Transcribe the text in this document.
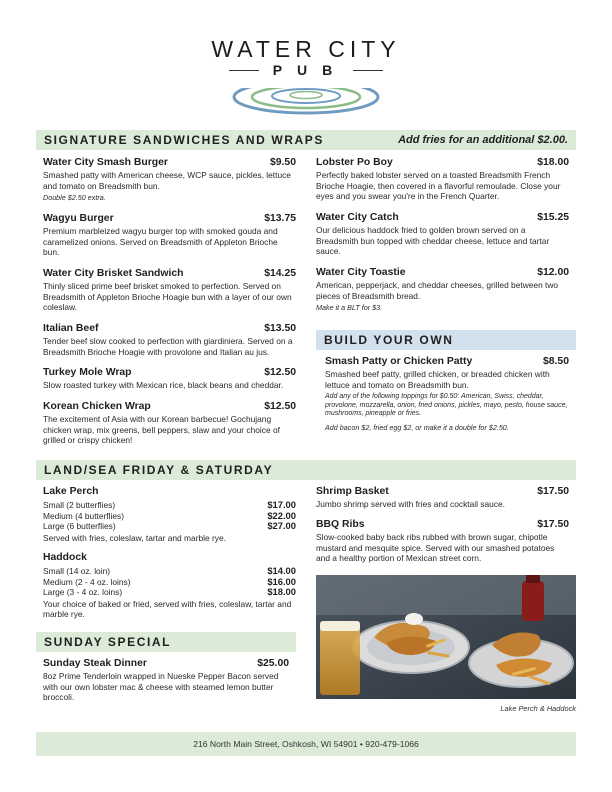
WATER CITY
PUB
SIGNATURE SANDWICHES AND WRAPS	Add fries for an additional $2.00.
Water City Smash Burger	$9.50
Smashed patty with American cheese, WCP sauce, pickles, lettuce and tomato on Breadsmith bun.
Double $2.50 extra.
Wagyu Burger	$13.75
Premium marbleized wagyu burger top with smoked gouda and caramelized onions. Served on Breadsmith of Appleton Brioche bun.
Water City Brisket Sandwich	$14.25
Thinly sliced prime beef brisket smoked to perfection. Served on Breadsmith of Appleton Brioche Hoagie bun with a layer of our own coleslaw.
Italian Beef	$13.50
Tender beef slow cooked to perfection with giardiniera. Served on a Breadsmith Brioche Hoagie with provolone and Italian au jus.
Turkey Mole Wrap	$12.50
Slow roasted turkey with Mexican rice, black beans and cheddar.
Korean Chicken Wrap	$12.50
The excitement of Asia with our Korean barbecue! Gochujang chicken wrap, mix greens, bell peppers, slaw and your choice of grilled or crispy chicken!
Lobster Po Boy	$18.00
Perfectly baked lobster served on a toasted Breadsmith French Brioche Hoagie, then covered in a flavorful remoulade. Close your eyes and you swear you're in the French Quarter.
Water City Catch	$15.25
Our delicious haddock fried to golden brown served on a Breadsmith bun topped with cheddar cheese, lettuce and tartar sauce.
Water City Toastie	$12.00
American, pepperjack, and cheddar cheeses, grilled between two pieces of Breadsmith bread.
Make it a BLT for $3.
BUILD YOUR OWN
Smash Patty or Chicken Patty	$8.50
Smashed beef patty, grilled chicken, or breaded chicken with lettuce and tomato on Breadsmith bun.
Add any of the following toppings for $0.50: American, Swiss, cheddar, provolone, mozzarella, onion, fried onions, pickles, mayo, pesto, house sauce, mushrooms, pineapple or fries.
Add bacon $2, fried egg $2, or make it a double for $2.50.
LAND/SEA FRIDAY & SATURDAY
Lake Perch
Small (2 butterflies)	$17.00
Medium (4 butterflies)	$22.00
Large (6 butterflies)	$27.00
Served with fries, coleslaw, tartar and marble rye.
Haddock
Small (14 oz. loin)	$14.00
Medium (2 - 4 oz. loins)	$16.00
Large (3 - 4 oz. loins)	$18.00
Your choice of baked or fried, served with fries, coleslaw, tartar and marble rye.
Shrimp Basket	$17.50
Jumbo shrimp served with fries and cocktail sauce.
BBQ Ribs	$17.50
Slow-cooked baby back ribs rubbed with brown sugar, chipotle mustard and mesquite spice. Served with our smashed potatoes and a healthy portion of Mexican street corn.
SUNDAY SPECIAL
Sunday Steak Dinner	$25.00
8oz Prime Tenderloin wrapped in Nueske Pepper Bacon served with our own lobster mac & cheese with steamed lemon butter broccoli.
Lake Perch & Haddock
216 North Main Street, Oshkosh, WI 54901 • 920-479-1066
